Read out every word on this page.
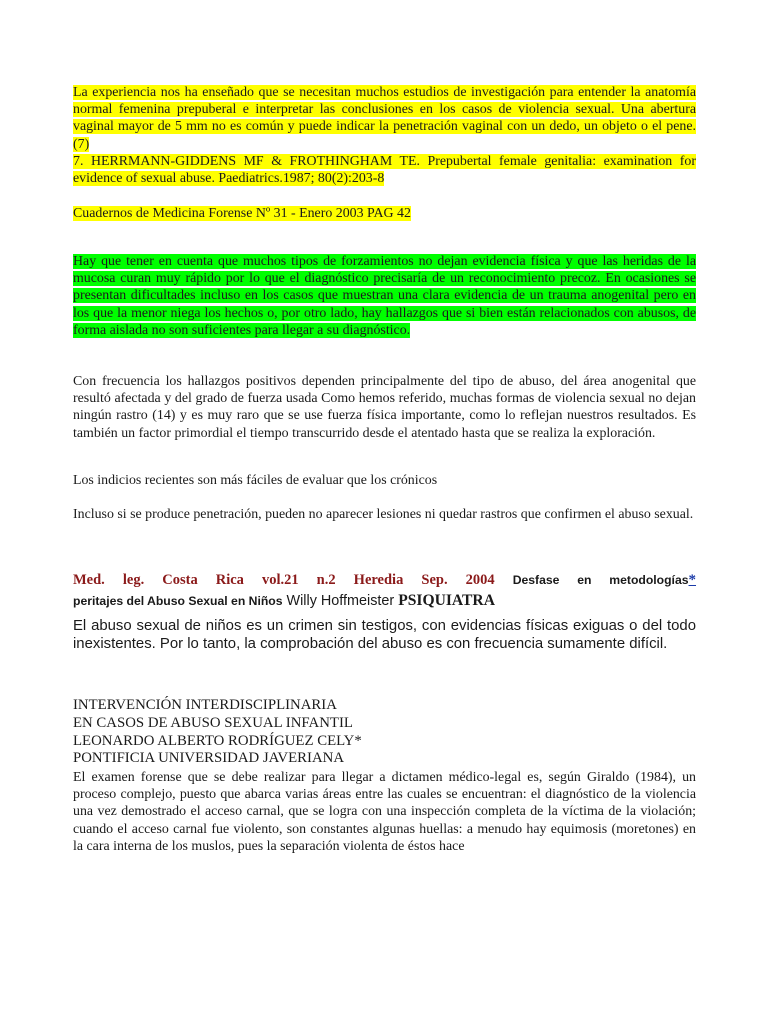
La experiencia nos ha enseñado que se necesitan muchos estudios de investigación para entender la anatomía normal femenina prepuberal e interpretar las conclusiones en los casos de violencia sexual. Una abertura vaginal mayor de 5 mm no es común y puede indicar la penetración vaginal con un dedo, un objeto o el pene. (7)
7. HERRMANN-GIDDENS MF & FROTHINGHAM TE. Prepubertal female genitalia: examination for evidence of sexual abuse. Paediatrics.1987; 80(2):203-8

Cuadernos de Medicina Forense Nº 31 - Enero 2003 PAG 42

Hay que tener en cuenta que muchos tipos de forzamientos no dejan evidencia física y que las heridas de la mucosa curan muy rápido por lo que el diagnóstico precisaría de un reconocimiento precoz. En ocasiones se presentan dificultades incluso en los casos que muestran una clara evidencia de un trauma anogenital pero en los que la menor niega los hechos o, por otro lado, hay hallazgos que si bien están relacionados con abusos, de forma aislada no son suficientes para llegar a su diagnóstico.

Con frecuencia los hallazgos positivos dependen principalmente del tipo de abuso, del área anogenital que resultó afectada y del grado de fuerza usada Como hemos referido, muchas formas de violencia sexual no dejan ningún rastro (14) y es muy raro que se use fuerza física importante, como lo reflejan nuestros resultados. Es también un factor primordial el tiempo transcurrido desde el atentado hasta que se realiza la exploración.

Los indicios recientes son más fáciles de evaluar que los crónicos

Incluso si se produce penetración, pueden no aparecer lesiones ni quedar rastros que confirmen el abuso sexual.

Med. leg. Costa Rica vol.21 n.2 Heredia Sep. 2004 Desfase en metodologías*
peritajes del Abuso Sexual en Niños Willy Hoffmeister PSIQUIATRA

El abuso sexual de niños es un crimen sin testigos, con evidencias físicas exiguas o del todo inexistentes. Por lo tanto, la comprobación del abuso es con frecuencia sumamente difícil.

INTERVENCIÓN INTERDISCIPLINARIA
EN CASOS DE ABUSO SEXUAL INFANTIL
LEONARDO ALBERTO RODRÍGUEZ CELY*
PONTIFICIA UNIVERSIDAD JAVERIANA

El examen forense que se debe realizar para llegar a dictamen médico-legal es, según Giraldo (1984), un proceso complejo, puesto que abarca varias áreas entre las cuales se encuentran: el diagnóstico de la violencia una vez demostrado el acceso carnal, que se logra con una inspección completa de la víctima de la violación; cuando el acceso carnal fue violento, son constantes algunas huellas: a menudo hay equimosis (moretones) en la cara interna de los muslos, pues la separación violenta de éstos hace
